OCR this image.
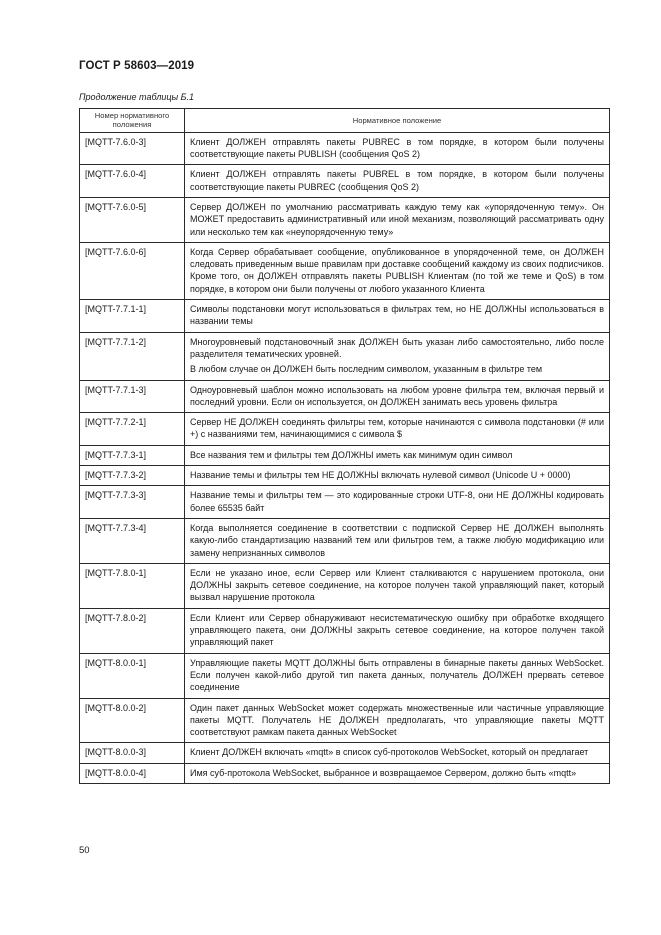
ГОСТ Р 58603—2019
Продолжение таблицы Б.1
Номер нормативного положения	Нормативное положение
[MQTT-7.6.0-3]	Клиент ДОЛЖЕН отправлять пакеты PUBREC в том порядке, в котором были получены соответствующие пакеты PUBLISH (сообщения QoS 2)

[MQTT-7.6.0-4]	Клиент ДОЛЖЕН отправлять пакеты PUBREL в том порядке, в котором были получены соответствующие пакеты PUBREC (сообщения QoS 2)

[MQTT-7.6.0-5]	Сервер ДОЛЖЕН по умолчанию рассматривать каждую тему как «упорядоченную тему». Он МОЖЕТ предоставить административный или иной механизм, позволяющий рассматривать одну или несколько тем как «неупорядоченную тему»

[MQTT-7.6.0-6]	Когда Сервер обрабатывает сообщение, опубликованное в упорядоченной теме, он ДОЛЖЕН следовать приведенным выше правилам при доставке сообщений каждому из своих подписчиков. Кроме того, он ДОЛЖЕН отправлять пакеты PUBLISH Клиентам (по той же теме и QoS) в том порядке, в котором они были получены от любого указанного Клиента

[MQTT-7.7.1-1]	Символы подстановки могут использоваться в фильтрах тем, но НЕ ДОЛЖНЫ использоваться в названии темы

[MQTT-7.7.1-2]	Многоуровневый подстановочный знак ДОЛЖЕН быть указан либо самостоятельно, либо после разделителя тематических уровней.

В любом случае он ДОЛЖЕН быть последним символом, указанным в фильтре тем

[MQTT-7.7.1-3]	Одноуровневый шаблон можно использовать на любом уровне фильтра тем, включая первый и последний уровни. Если он используется, он ДОЛЖЕН занимать весь уровень фильтра

[MQTT-7.7.2-1]	Сервер НЕ ДОЛЖЕН соединять фильтры тем, которые начинаются с символа подстановки (# или +) с названиями тем, начинающимися с символа $

[MQTT-7.7.3-1]	Все названия тем и фильтры тем ДОЛЖНЫ иметь как минимум один символ

[MQTT-7.7.3-2]	Название темы и фильтры тем НЕ ДОЛЖНЫ включать нулевой символ (Unicode U + 0000)

[MQTT-7.7.3-3]	Название темы и фильтры тем — это кодированные строки UTF-8, они НЕ ДОЛЖНЫ кодировать более 65535 байт

[MQTT-7.7.3-4]	Когда выполняется соединение в соответствии с подпиской Сервер НЕ ДОЛЖЕН выполнять какую-либо стандартизацию названий тем или фильтров тем, а также любую модификацию или замену непризнанных символов

[MQTT-7.8.0-1]	Если не указано иное, если Сервер или Клиент сталкиваются с нарушением протокола, они ДОЛЖНЫ закрыть сетевое соединение, на которое получен такой управляющий пакет, который вызвал нарушение протокола

[MQTT-7.8.0-2]	Если Клиент или Сервер обнаруживают несистематическую ошибку при обработке входящего управляющего пакета, они ДОЛЖНЫ закрыть сетевое соединение, на которое получен такой управляющий пакет

[MQTT-8.0.0-1]	Управляющие пакеты MQTT ДОЛЖНЫ быть отправлены в бинарные пакеты данных WebSocket. Если получен какой-либо другой тип пакета данных, получатель ДОЛЖЕН прервать сетевое соединение

[MQTT-8.0.0-2]	Один пакет данных WebSocket может содержать множественные или частичные управляющие пакеты MQTT. Получатель НЕ ДОЛЖЕН предполагать, что управляющие пакеты MQTT соответствуют рамкам пакета данных WebSocket

[MQTT-8.0.0-3]	Клиент ДОЛЖЕН включать «mqtt» в список суб-протоколов WebSocket, который он предлагает

[MQTT-8.0.0-4]	Имя суб-протокола WebSocket, выбранное и возвращаемое Сервером, должно быть «mqtt»

50
